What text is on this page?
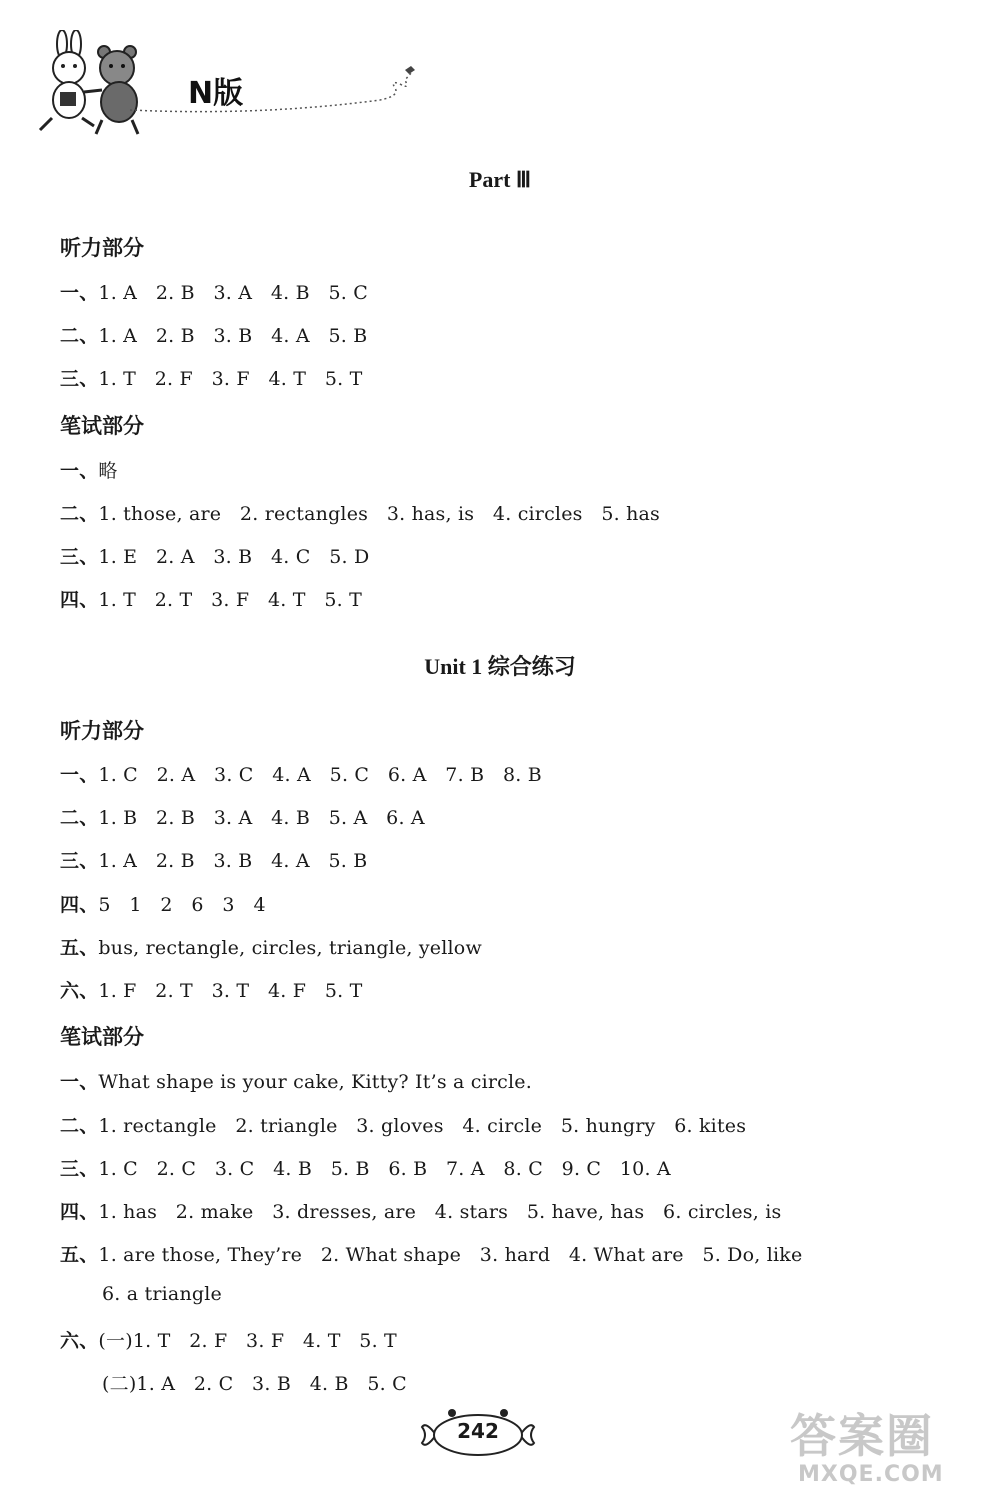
N版
Part Ⅲ
听力部分
一、1. A   2. B   3. A   4. B   5. C
二、1. A   2. B   3. B   4. A   5. B
三、1. T   2. F   3. F   4. T   5. T
笔试部分
一、略
二、1. those, are   2. rectangles   3. has, is   4. circles   5. has
三、1. E   2. A   3. B   4. C   5. D
四、1. T   2. T   3. F   4. T   5. T
Unit 1 综合练习
听力部分
一、1. C   2. A   3. C   4. A   5. C   6. A   7. B   8. B
二、1. B   2. B   3. A   4. B   5. A   6. A
三、1. A   2. B   3. B   4. A   5. B
四、5   1   2   6   3   4
五、bus, rectangle, circles, triangle, yellow
六、1. F   2. T   3. T   4. F   5. T
笔试部分
一、What shape is your cake, Kitty? It’s a circle.
二、1. rectangle   2. triangle   3. gloves   4. circle   5. hungry   6. kites
三、1. C   2. C   3. C   4. B   5. B   6. B   7. A   8. C   9. C   10. A
四、1. has   2. make   3. dresses, are   4. stars   5. have, has   6. circles, is
五、1. are those, They’re   2. What shape   3. hard   4. What are   5. Do, like
6. a triangle
六、(一)1. T   2. F   3. F   4. T   5. T
(二)1. A   2. C   3. B   4. B   5. C
242	答案圈
MXQE.COM
